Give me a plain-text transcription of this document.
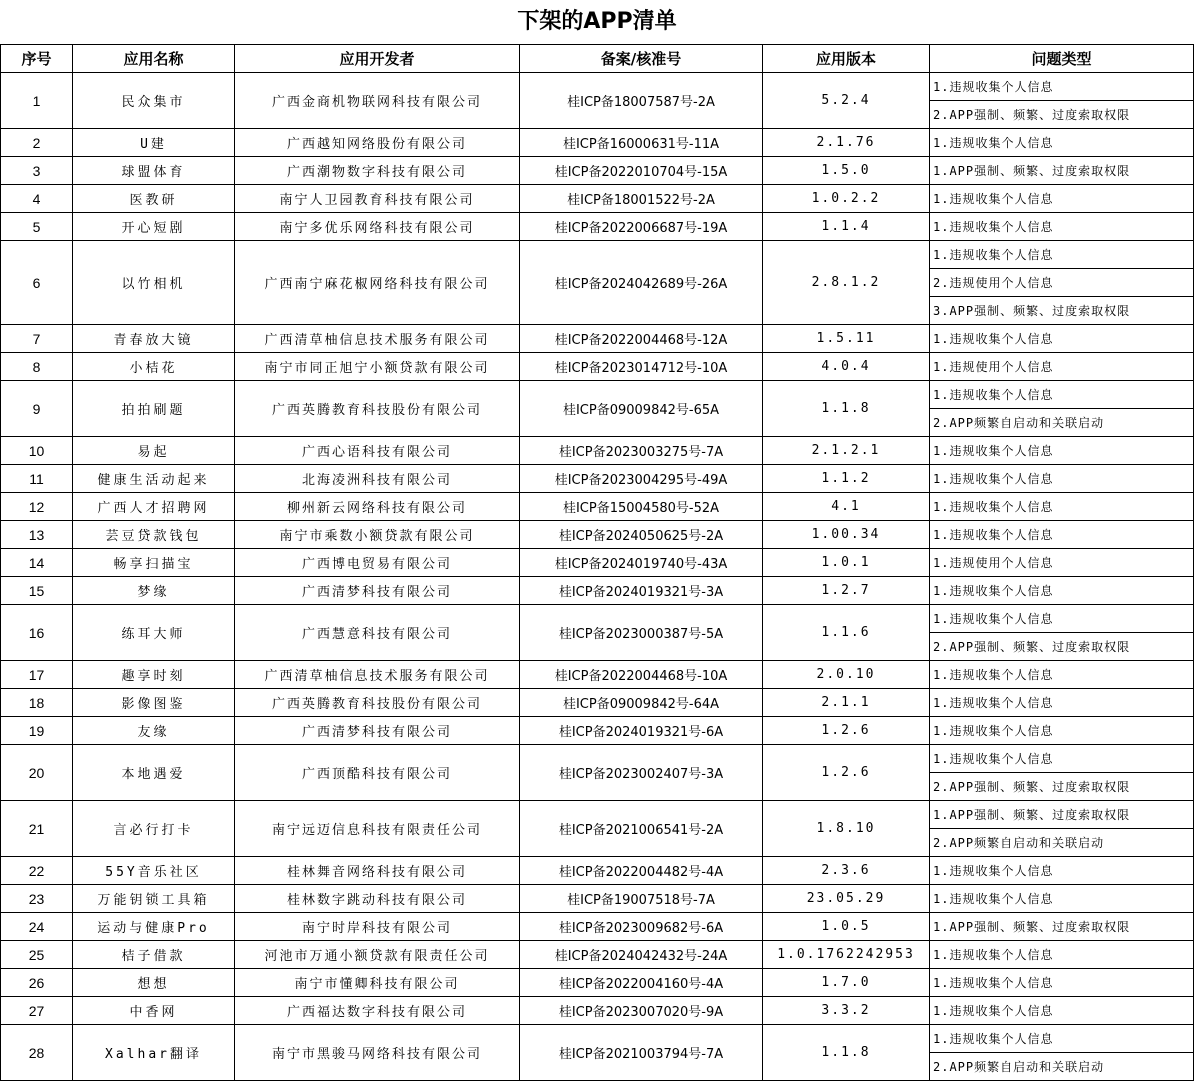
下架的APP清单
序号	应用名称	应用开发者	备案/核准号	应用版本	问题类型
1	民众集市	广西金商机物联网科技有限公司	桂ICP备18007587号-2A	5.2.4	1.违规收集个人信息
					2.APP强制、频繁、过度索取权限
2	U建	广西越知网络股份有限公司	桂ICP备16000631号-11A	2.1.76	1.违规收集个人信息
3	球盟体育	广西潮物数字科技有限公司	桂ICP备2022010704号-15A	1.5.0	1.APP强制、频繁、过度索取权限
4	医教研	南宁人卫园教育科技有限公司	桂ICP备18001522号-2A	1.0.2.2	1.违规收集个人信息
5	开心短剧	南宁多优乐网络科技有限公司	桂ICP备2022006687号-19A	1.1.4	1.违规收集个人信息
6	以竹相机	广西南宁麻花椒网络科技有限公司	桂ICP备2024042689号-26A	2.8.1.2	1.违规收集个人信息
					2.违规使用个人信息
					3.APP强制、频繁、过度索取权限
7	青春放大镜	广西清草柚信息技术服务有限公司	桂ICP备2022004468号-12A	1.5.11	1.违规收集个人信息
8	小桔花	南宁市同正旭宁小额贷款有限公司	桂ICP备2023014712号-10A	4.0.4	1.违规使用个人信息
9	拍拍刷题	广西英腾教育科技股份有限公司	桂ICP备09009842号-65A	1.1.8	1.违规收集个人信息
					2.APP频繁自启动和关联启动
10	易起	广西心语科技有限公司	桂ICP备2023003275号-7A	2.1.2.1	1.违规收集个人信息
11	健康生活动起来	北海凌洲科技有限公司	桂ICP备2023004295号-49A	1.1.2	1.违规收集个人信息
12	广西人才招聘网	柳州新云网络科技有限公司	桂ICP备15004580号-52A	4.1	1.违规收集个人信息
13	芸豆贷款钱包	南宁市乘数小额贷款有限公司	桂ICP备2024050625号-2A	1.00.34	1.违规收集个人信息
14	畅享扫描宝	广西博电贸易有限公司	桂ICP备2024019740号-43A	1.0.1	1.违规使用个人信息
15	梦缘	广西清梦科技有限公司	桂ICP备2024019321号-3A	1.2.7	1.违规收集个人信息
16	练耳大师	广西慧意科技有限公司	桂ICP备2023000387号-5A	1.1.6	1.违规收集个人信息
					2.APP强制、频繁、过度索取权限
17	趣享时刻	广西清草柚信息技术服务有限公司	桂ICP备2022004468号-10A	2.0.10	1.违规收集个人信息
18	影像图鉴	广西英腾教育科技股份有限公司	桂ICP备09009842号-64A	2.1.1	1.违规收集个人信息
19	友缘	广西清梦科技有限公司	桂ICP备2024019321号-6A	1.2.6	1.违规收集个人信息
20	本地遇爱	广西顶酷科技有限公司	桂ICP备2023002407号-3A	1.2.6	1.违规收集个人信息
					2.APP强制、频繁、过度索取权限
21	言必行打卡	南宁远迈信息科技有限责任公司	桂ICP备2021006541号-2A	1.8.10	1.APP强制、频繁、过度索取权限
					2.APP频繁自启动和关联启动
22	55Y音乐社区	桂林舞音网络科技有限公司	桂ICP备2022004482号-4A	2.3.6	1.违规收集个人信息
23	万能钥锁工具箱	桂林数字跳动科技有限公司	桂ICP备19007518号-7A	23.05.29	1.违规收集个人信息
24	运动与健康Pro	南宁时岸科技有限公司	桂ICP备2023009682号-6A	1.0.5	1.APP强制、频繁、过度索取权限
25	桔子借款	河池市万通小额贷款有限责任公司	桂ICP备2024042432号-24A	1.0.1762242953	1.违规收集个人信息
26	想想	南宁市懂卿科技有限公司	桂ICP备2022004160号-4A	1.7.0	1.违规收集个人信息
27	中香网	广西福达数字科技有限公司	桂ICP备2023007020号-9A	3.3.2	1.违规收集个人信息
28	Xalhar翻译	南宁市黑骏马网络科技有限公司	桂ICP备2021003794号-7A	1.1.8	1.违规收集个人信息
					2.APP频繁自启动和关联启动
